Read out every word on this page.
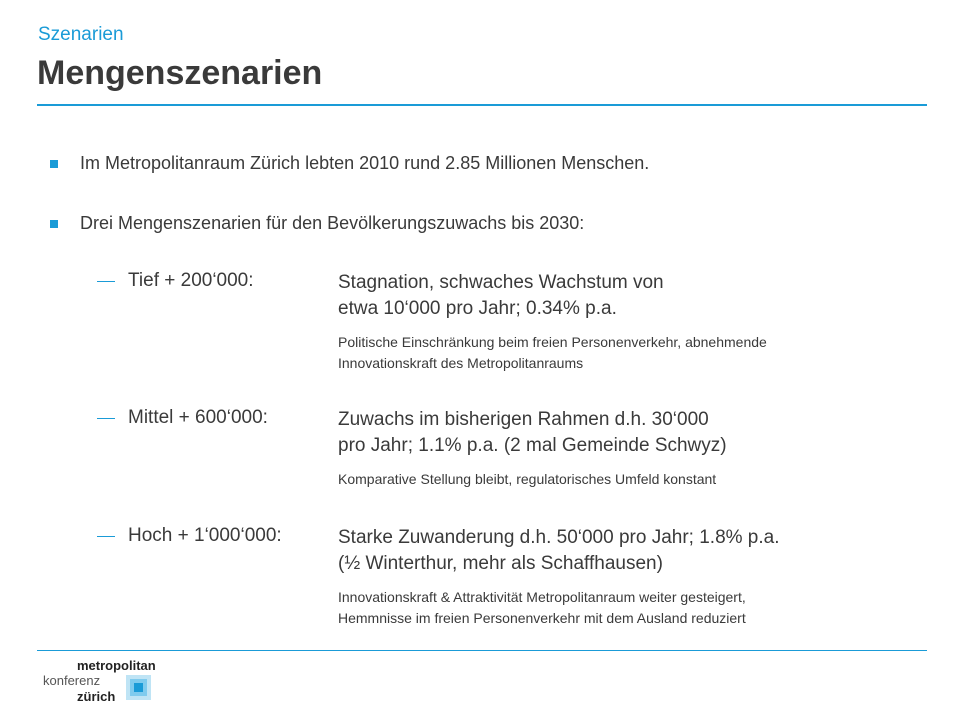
Szenarien
Mengenszenarien
Im Metropolitanraum Zürich lebten 2010 rund 2.85 Millionen Menschen.
Drei Mengenszenarien für den Bevölkerungszuwachs bis 2030:
Tief + 200‘000:	Stagnation, schwaches Wachstum von
etwa 10‘000 pro Jahr; 0.34% p.a.
Politische Einschränkung beim freien Personenverkehr, abnehmende
Innovationskraft des Metropolitanraums
Mittel + 600‘000:	Zuwachs im bisherigen Rahmen d.h. 30‘000
pro Jahr; 1.1% p.a. (2 mal Gemeinde Schwyz)
Komparative Stellung bleibt, regulatorisches Umfeld konstant
Hoch + 1‘000‘000:	Starke Zuwanderung d.h. 50‘000 pro Jahr; 1.8% p.a.
(½ Winterthur, mehr als Schaffhausen)
Innovationskraft & Attraktivität Metropolitanraum weiter gesteigert,
Hemmnisse im freien Personenverkehr mit dem Ausland reduziert
metropolitan
konferenz
zürich
